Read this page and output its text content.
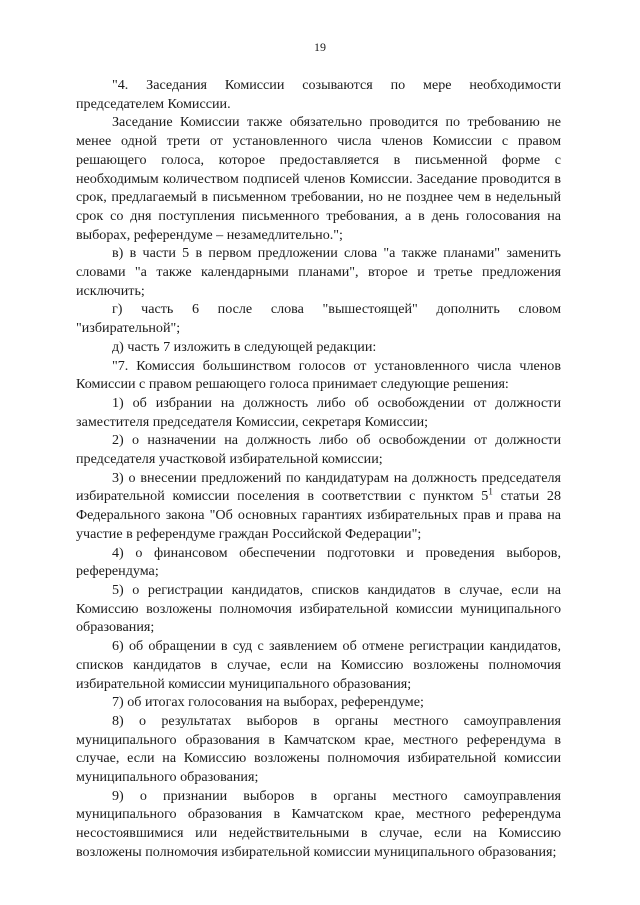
19

"4. Заседания Комиссии созываются по мере необходимости председателем Комиссии.

Заседание Комиссии также обязательно проводится по требованию не менее одной трети от установленного числа членов Комиссии с правом решающего голоса, которое предоставляется в письменной форме с необходимым количеством подписей членов Комиссии. Заседание проводится в срок, предлагаемый в письменном требовании, но не позднее чем в недельный срок со дня поступления письменного требования, а в день голосования на выборах, референдуме – незамедлительно.";

в) в части 5 в первом предложении слова "а также планами" заменить словами "а также календарными планами", второе и третье предложения исключить;

г) часть 6 после слова "вышестоящей" дополнить словом "избирательной";

д) часть 7 изложить в следующей редакции:

"7. Комиссия большинством голосов от установленного числа членов Комиссии с правом решающего голоса принимает следующие решения:

1) об избрании на должность либо об освобождении от должности заместителя председателя Комиссии, секретаря Комиссии;

2) о назначении на должность либо об освобождении от должности председателя участковой избирательной комиссии;

3) о внесении предложений по кандидатурам на должность председателя избирательной комиссии поселения в соответствии с пунктом $5^1$ статьи 28 Федерального закона "Об основных гарантиях избирательных прав и права на участие в референдуме граждан Российской Федерации";

4) о финансовом обеспечении подготовки и проведения выборов, референдума;

5) о регистрации кандидатов, списков кандидатов в случае, если на Комиссию возложены полномочия избирательной комиссии муниципального образования;

6) об обращении в суд с заявлением об отмене регистрации кандидатов, списков кандидатов в случае, если на Комиссию возложены полномочия избирательной комиссии муниципального образования;

7) об итогах голосования на выборах, референдуме;

8) о результатах выборов в органы местного самоуправления муниципального образования в Камчатском крае, местного референдума в случае, если на Комиссию возложены полномочия избирательной комиссии муниципального образования;

9) о признании выборов в органы местного самоуправления муниципального образования в Камчатском крае, местного референдума несостоявшимися или недействительными в случае, если на Комиссию возложены полномочия избирательной комиссии муниципального образования;
